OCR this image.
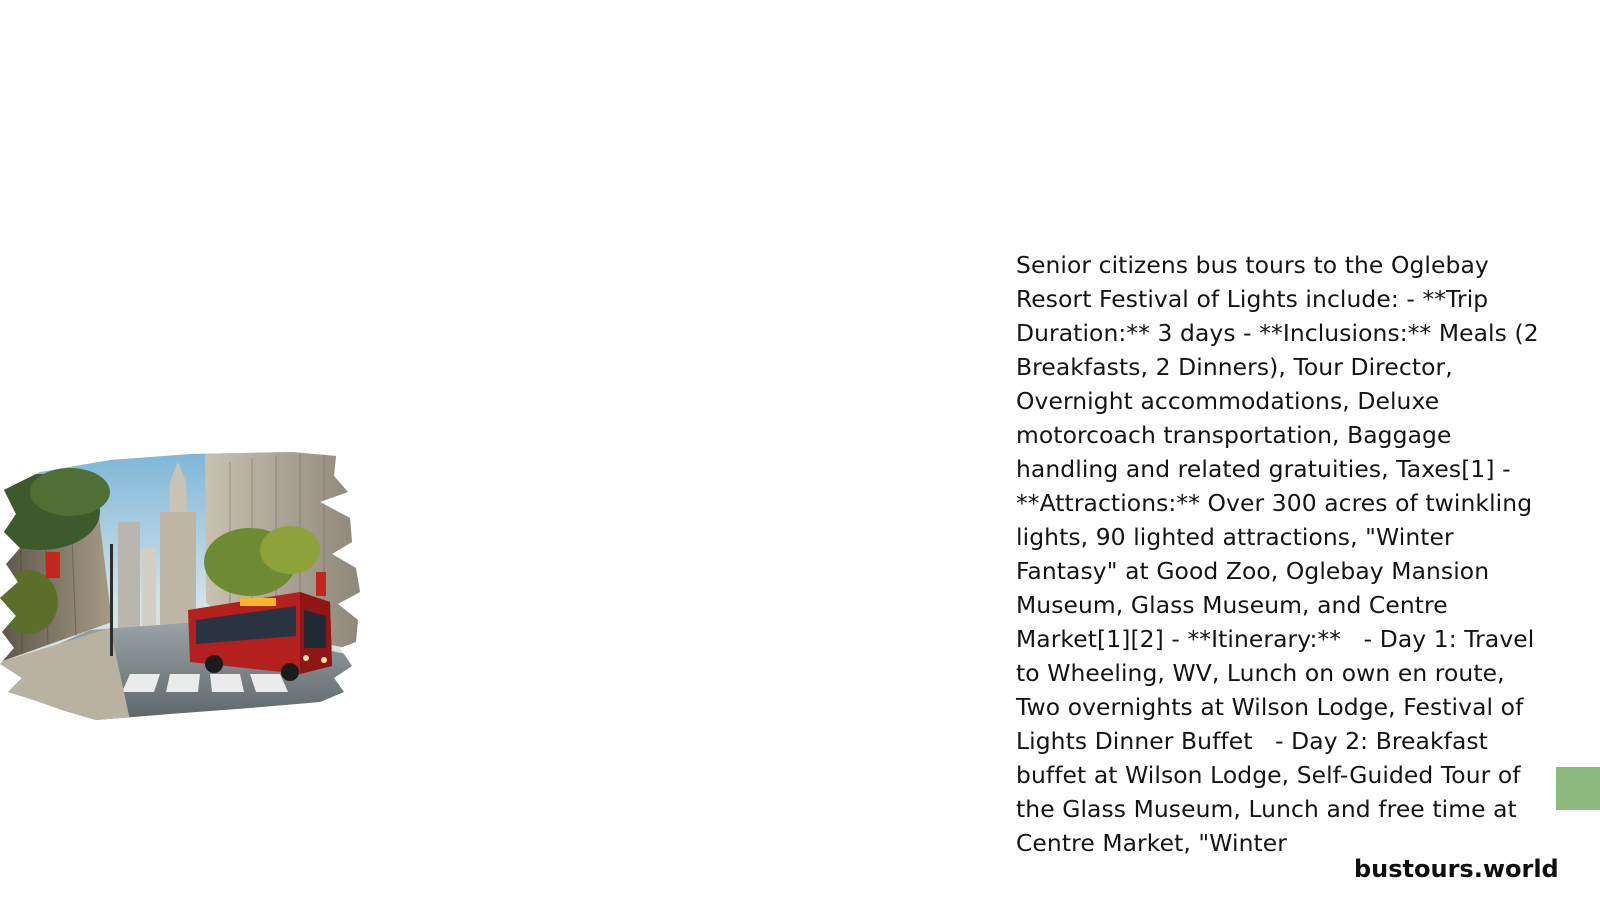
Senior citizens bus tours to the Oglebay Resort Festival of Lights include: - **Trip Duration:** 3 days - **Inclusions:** Meals (2 Breakfasts, 2 Dinners), Tour Director, Overnight accommodations, Deluxe motorcoach transportation, Baggage handling and related gratuities, Taxes[1] - **Attractions:** Over 300 acres of twinkling lights, 90 lighted attractions, "Winter Fantasy" at Good Zoo, Oglebay Mansion Museum, Glass Museum, and Centre Market[1][2] - **Itinerary:**   - Day 1: Travel to Wheeling, WV, Lunch on own en route, Two overnights at Wilson Lodge, Festival of Lights Dinner Buffet   - Day 2: Breakfast buffet at Wilson Lodge, Self-Guided Tour of the Glass Museum, Lunch and free time at Centre Market, "Winter

bustours.world
